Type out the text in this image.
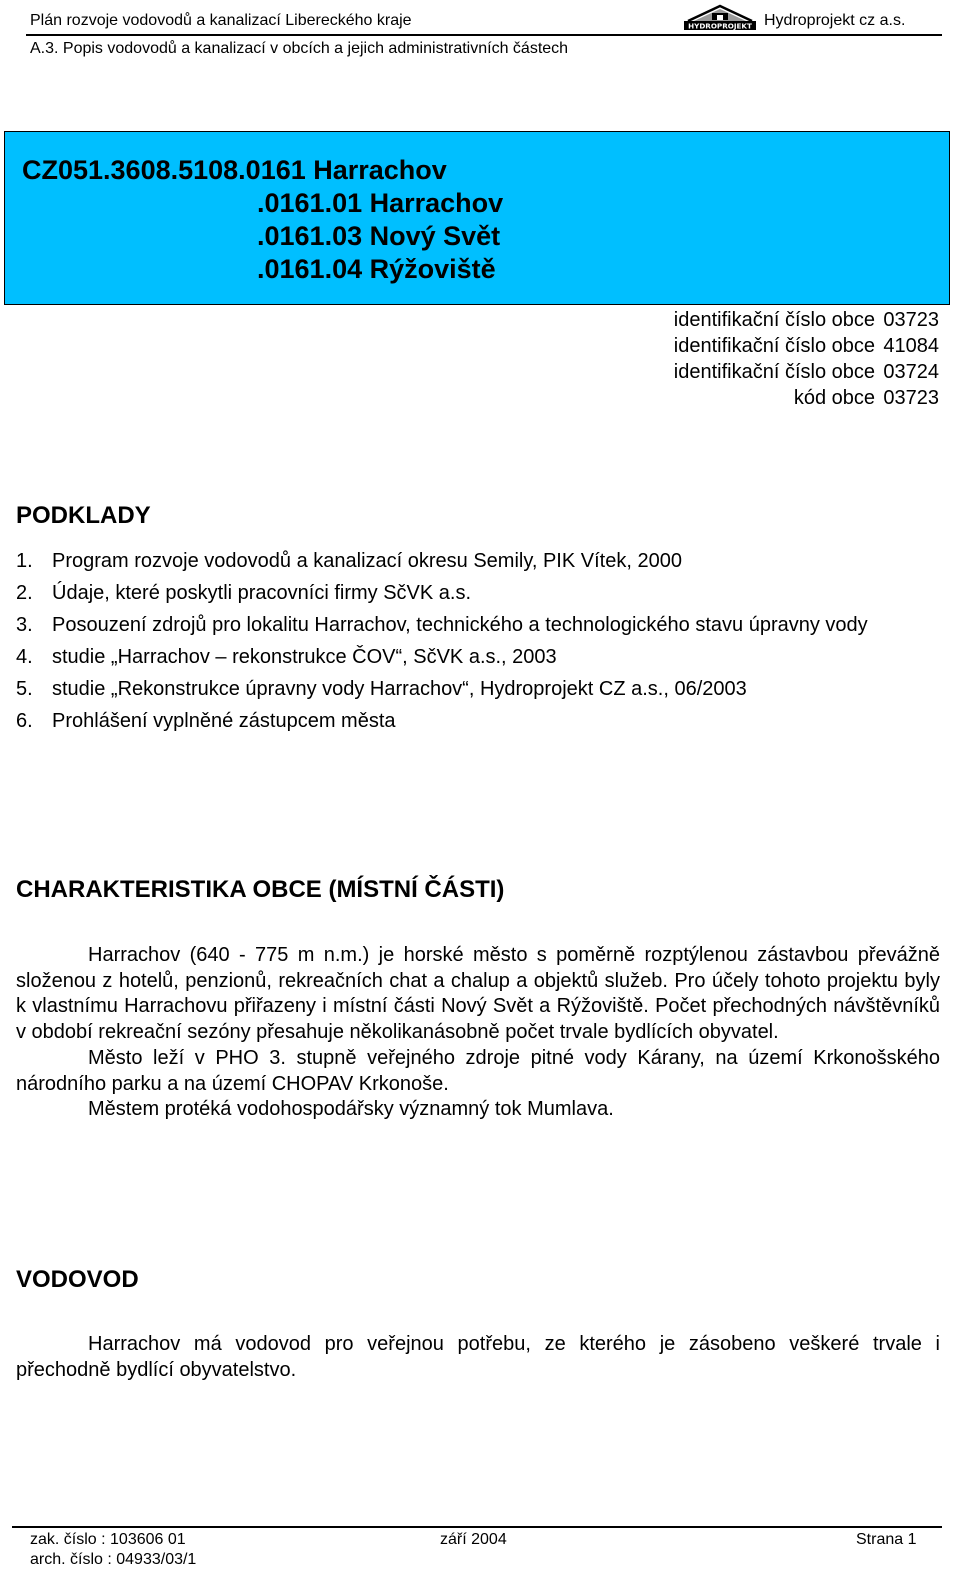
Plán rozvoje vodovodů a kanalizací Libereckého kraje	HYDROPROJEKT Hydroprojekt cz a.s.
A.3. Popis vodovodů a kanalizací v obcích a jejich administrativních částech
CZ051.3608.5108.0161 Harrachov
.0161.01 Harrachov
.0161.03 Nový Svět
.0161.04 Rýžoviště
identifikační číslo obce 03723
identifikační číslo obce 41084
identifikační číslo obce 03724
kód obce 03723
PODKLADY
1. Program rozvoje vodovodů a kanalizací okresu Semily, PIK Vítek, 2000
2. Údaje, které poskytli pracovníci firmy SčVK a.s.
3. Posouzení zdrojů pro lokalitu Harrachov, technického a technologického stavu úpravny vody
4. studie „Harrachov – rekonstrukce ČOV“, SčVK a.s., 2003
5. studie „Rekonstrukce úpravny vody Harrachov“, Hydroprojekt CZ a.s., 06/2003
6. Prohlášení vyplněné zástupcem města
CHARAKTERISTIKA OBCE (MÍSTNÍ ČÁSTI)

Harrachov (640 - 775 m n.m.) je horské město s poměrně rozptýlenou zástavbou převážně složenou z hotelů, penzionů, rekreačních chat a chalup a objektů služeb. Pro účely tohoto projektu byly k vlastnímu Harrachovu přiřazeny i místní části Nový Svět a Rýžoviště. Počet přechodných návštěvníků v období rekreační sezóny přesahuje několikanásobně počet trvale bydlících obyvatel.

Město leží v PHO 3. stupně veřejného zdroje pitné vody Kárany, na území Krkonošského národního parku a na území CHOPAV Krkonoše.

Městem protéká vodohospodářsky významný tok Mumlava.

VODOVOD

Harrachov má vodovod pro veřejnou potřebu, ze kterého je zásobeno veškeré trvale i přechodně bydlící obyvatelstvo.

zak. číslo : 103606 01	září 2004	Strana 1
arch. číslo : 04933/03/1
